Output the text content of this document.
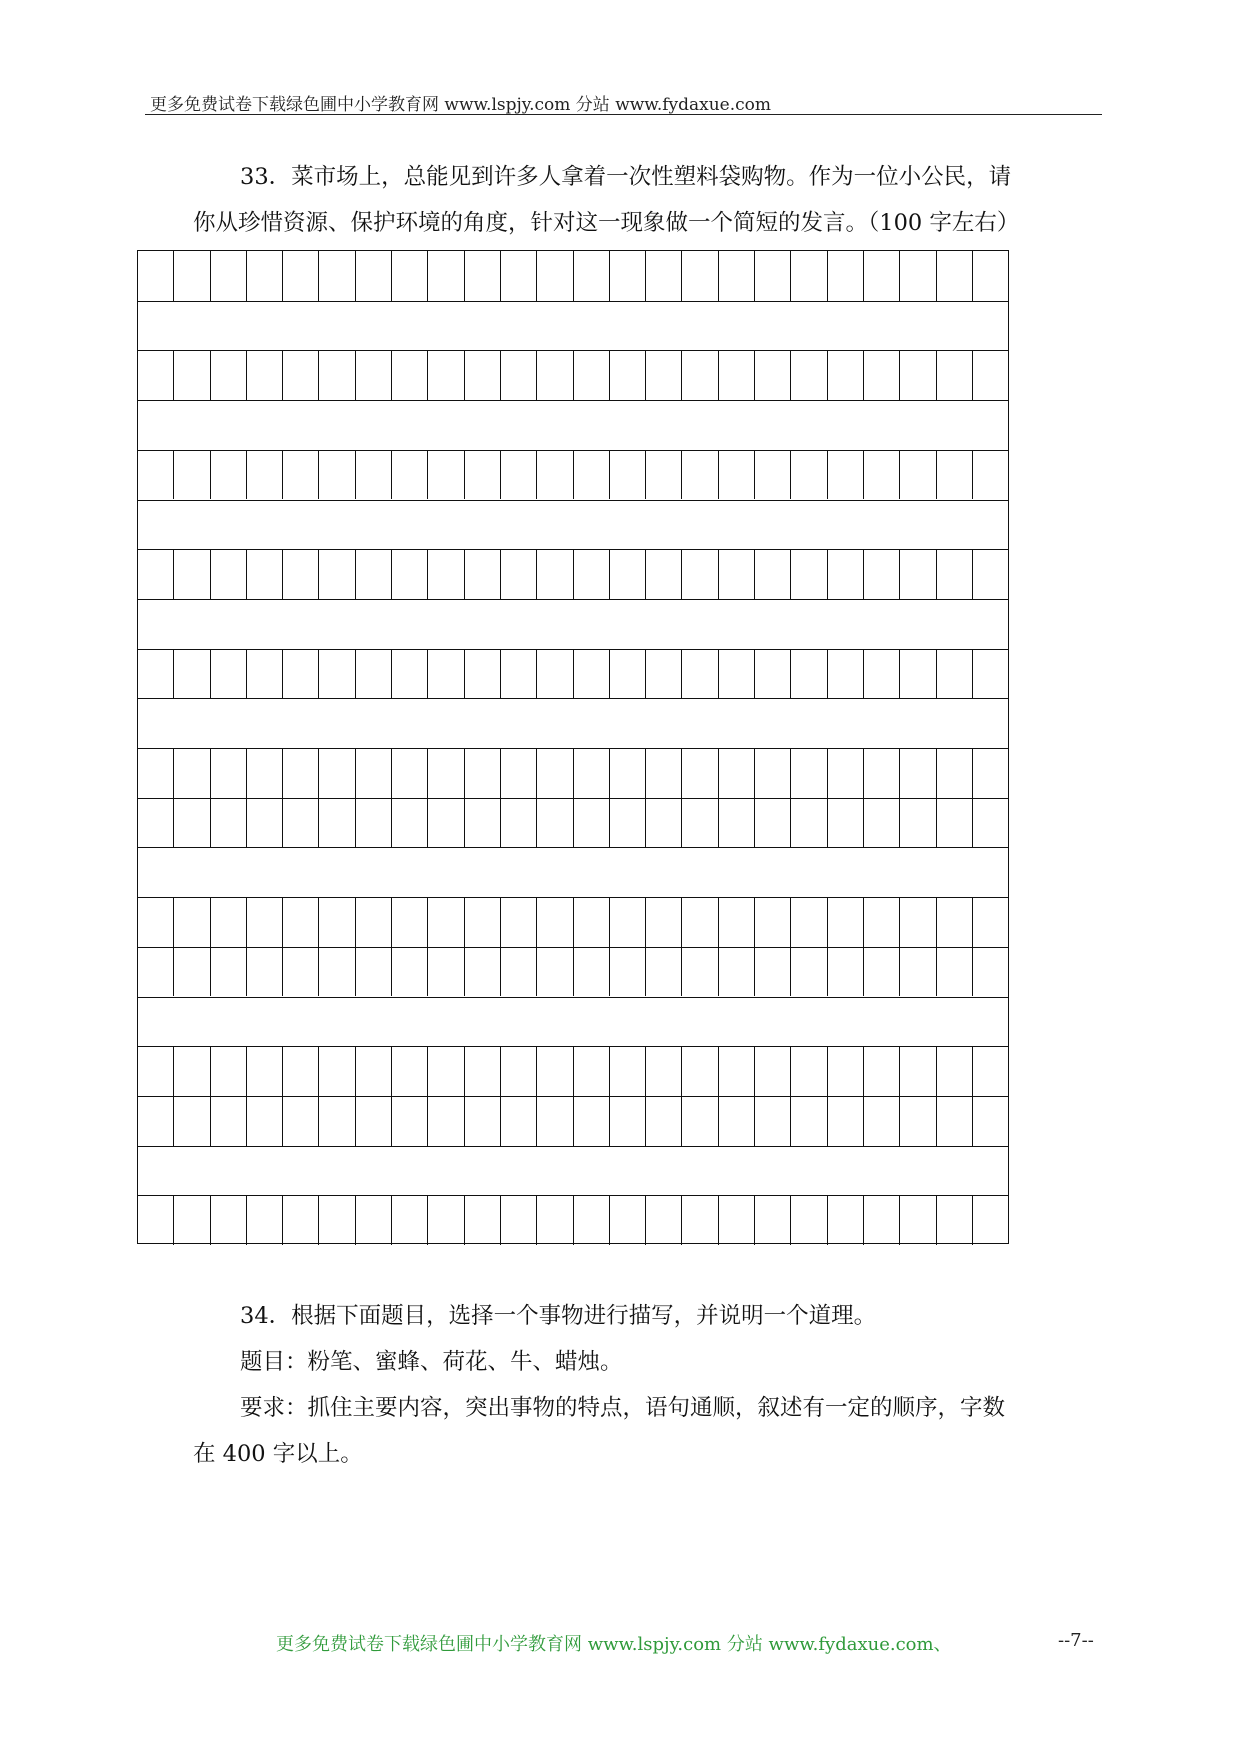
更多免费试卷下载绿色圃中小学教育网 www.lspjy.com 分站 www.fydaxue.com
33．菜市场上，总能见到许多人拿着一次性塑料袋购物。作为一位小公民，请
你从珍惜资源、保护环境的角度，针对这一现象做一个简短的发言。（100 字左右）
34．根据下面题目，选择一个事物进行描写，并说明一个道理。
题目：粉笔、蜜蜂、荷花、牛、蜡烛。
要求：抓住主要内容，突出事物的特点，语句通顺，叙述有一定的顺序，字数
在 400 字以上。
更多免费试卷下载绿色圃中小学教育网 www.lspjy.com 分站 www.fydaxue.com、	--7--
